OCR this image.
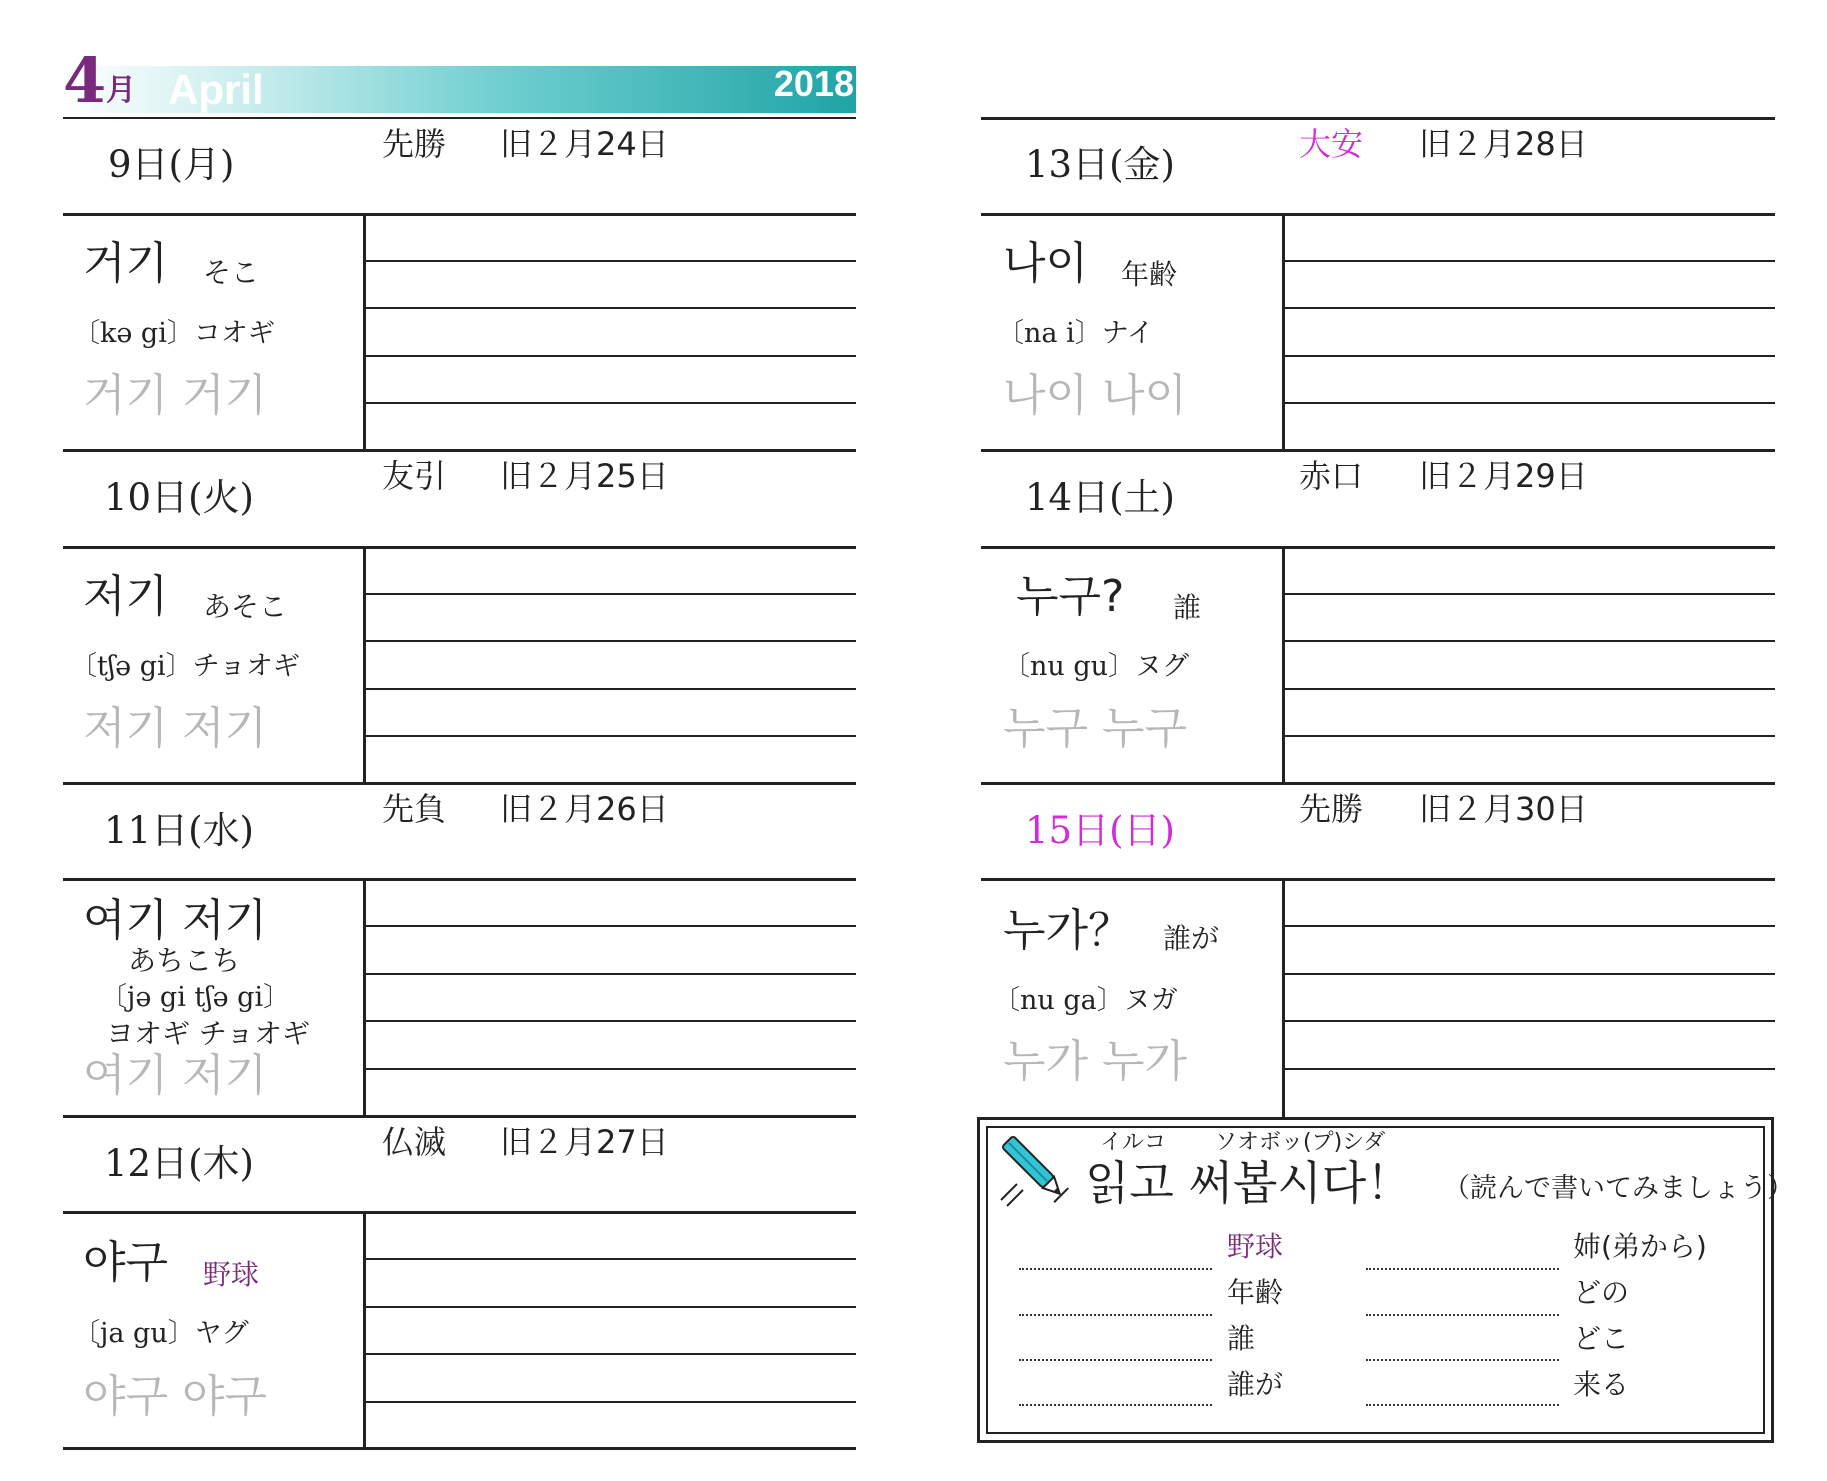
4 月 April	2018
9日(月)	先勝 旧２月24日
거기 そこ
〔kə gi〕コオギ
거기 거기
10日(火)	友引 旧２月25日
저기 あそこ
〔tʃə gi〕チョオギ
저기 저기
11日(水)	先負 旧２月26日
여기 저기
あちこち
〔jə gi tʃə gi〕
ヨオギ チョオギ
여기 저기
12日(木)	仏滅 旧２月27日
야구 野球
〔ja gu〕ヤグ
야구 야구
13日(金)	大安 旧２月28日
나이 年齢
〔na i〕ナイ
나이 나이
14日(土)	赤口 旧２月29日
누구? 誰
〔nu gu〕ヌグ
누구 누구
15日(日)	先勝 旧２月30日
누가？ 誰が
〔nu ga〕ヌガ
누가 누가
イルコ ソオボッ(プ)シダ
읽고 써봅시다！ （読んで書いてみましょう）
野球
年齢
誰
誰が
姉(弟から)
どの
どこ
来る
